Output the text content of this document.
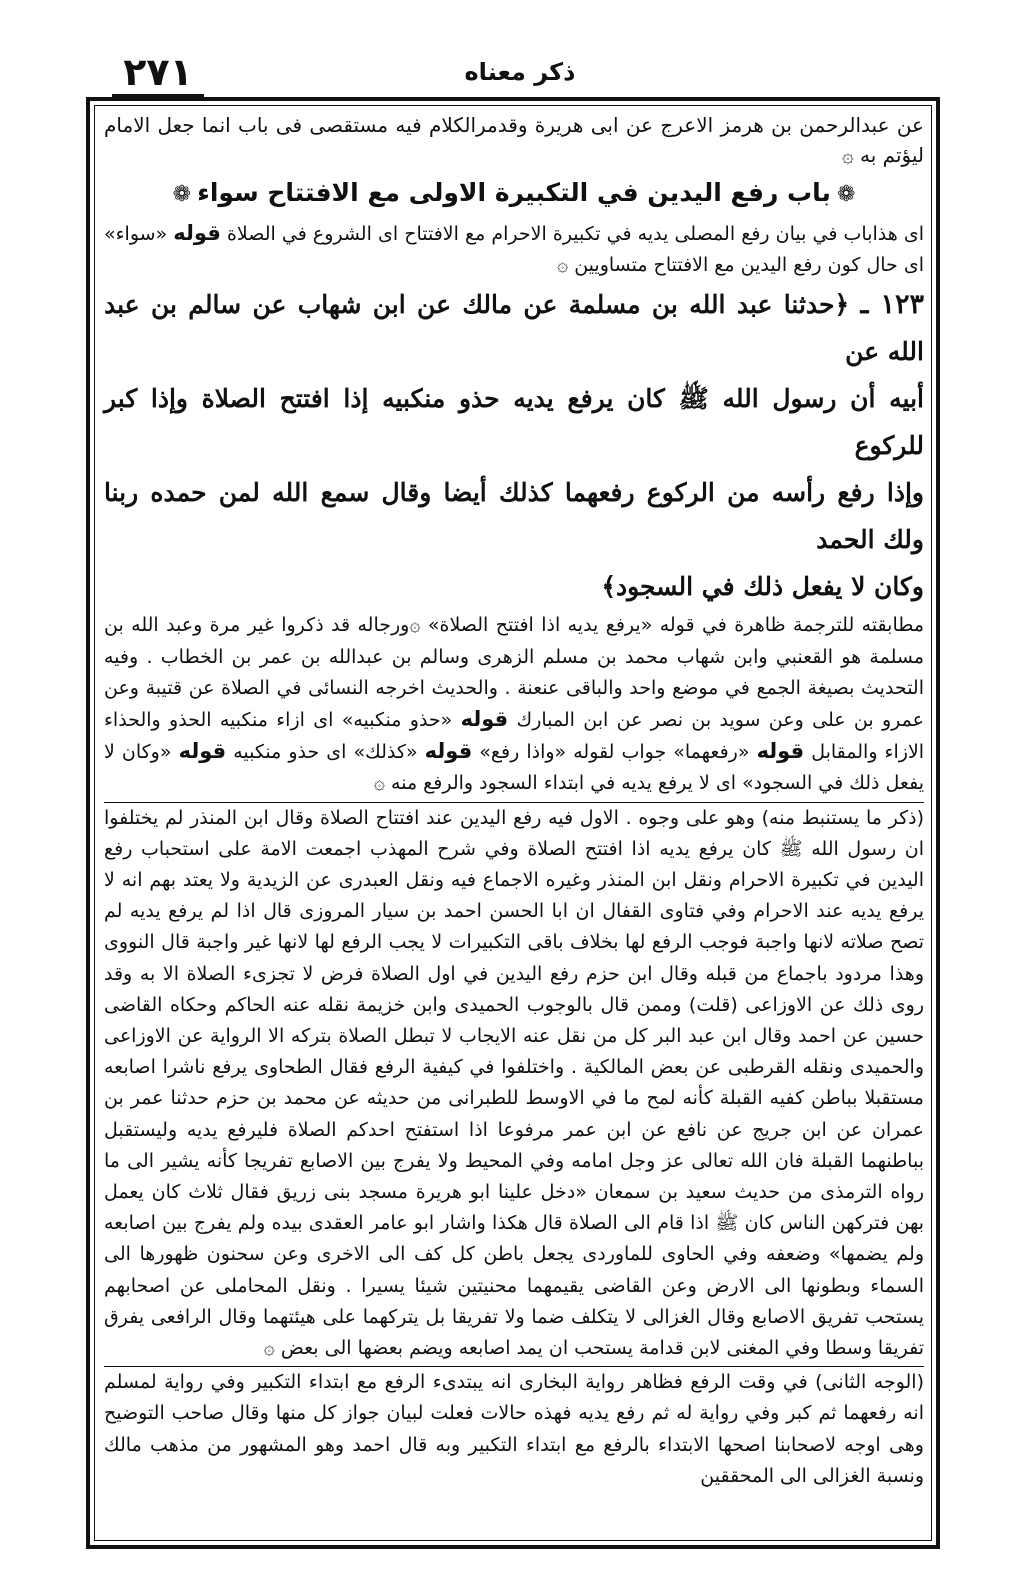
٢٧١	ذكر معناه

عن عبدالرحمن بن هرمز الاعرج عن ابى هريرة وقدمرالكلام فيه مستقصى فى باب انما جعل الامام ليؤتم به ۞

❁باب رفع اليدين في التكبيرة الاولى مع الافتتاح سواء❁

اى هذاباب في بيان رفع المصلى يديه في تكبيرة الاحرام مع الافتتاح اى الشروع في الصلاة قوله «سواء» اى حال كون رفع اليدين مع الافتتاح متساويين ۞

١٢٣ ـ ﴿حدثنا عبد الله بن مسلمة عن مالك عن ابن شهاب عن سالم بن عبد الله عن

أبيه أن رسول الله ﷺ كان يرفع يديه حذو منكبيه إذا افتتح الصلاة وإذا كبر للركوع

وإذا رفع رأسه من الركوع رفعهما كذلك أيضا وقال سمع الله لمن حمده ربنا ولك الحمد

وكان لا يفعل ذلك في السجود﴾

مطابقته للترجمة ظاهرة في قوله «يرفع يديه اذا افتتح الصلاة» ۞ورجاله قد ذكروا غير مرة وعبد الله بن مسلمة هو القعنبي وابن شهاب محمد بن مسلم الزهرى وسالم بن عبدالله بن عمر بن الخطاب . وفيه التحديث بصيغة الجمع في موضع واحد والباقى عنعنة . والحديث اخرجه النسائى في الصلاة عن قتيبة وعن عمرو بن على وعن سويد بن نصر عن ابن المبارك قوله «حذو منكبيه» اى ازاء منكبيه الحذو والحذاء الازاء والمقابل قوله «رفعهما» جواب لقوله «واذا رفع» قوله «كذلك» اى حذو منكبيه قوله «وكان لا يفعل ذلك في السجود» اى لا يرفع يديه في ابتداء السجود والرفع منه ۞

(ذكر ما يستنبط منه) وهو على وجوه . الاول فيه رفع اليدين عند افتتاح الصلاة وقال ابن المنذر لم يختلفوا ان رسول الله ﷺ كان يرفع يديه اذا افتتح الصلاة وفي شرح المهذب اجمعت الامة على استحباب رفع اليدين في تكبيرة الاحرام ونقل ابن المنذر وغيره الاجماع فيه ونقل العبدرى عن الزيدية ولا يعتد بهم انه لا يرفع يديه عند الاحرام وفي فتاوى القفال ان ابا الحسن احمد بن سيار المروزى قال اذا لم يرفع يديه لم تصح صلاته لانها واجبة فوجب الرفع لها بخلاف باقى التكبيرات لا يجب الرفع لها لانها غير واجبة قال النووى وهذا مردود باجماع من قبله وقال ابن حزم رفع اليدين في اول الصلاة فرض لا تجزىء الصلاة الا به وقد روى ذلك عن الاوزاعى (قلت) وممن قال بالوجوب الحميدى وابن خزيمة نقله عنه الحاكم وحكاه القاضى حسين عن احمد وقال ابن عبد البر كل من نقل عنه الايجاب لا تبطل الصلاة بتركه الا الرواية عن الاوزاعى والحميدى ونقله القرطبى عن بعض المالكية . واختلفوا في كيفية الرفع فقال الطحاوى يرفع ناشرا اصابعه مستقبلا بباطن كفيه القبلة كأنه لمح ما في الاوسط للطبرانى من حديثه عن محمد بن حزم حدثنا عمر بن عمران عن ابن جريج عن نافع عن ابن عمر مرفوعا اذا استفتح احدكم الصلاة فليرفع يديه وليستقبل بباطنهما القبلة فان الله تعالى عز وجل امامه وفي المحيط ولا يفرج بين الاصابع تفريجا كأنه يشير الى ما رواه الترمذى من حديث سعيد بن سمعان «دخل علينا ابو هريرة مسجد بنى زريق فقال ثلاث كان يعمل بهن فتركهن الناس كان ﷺ اذا قام الى الصلاة قال هكذا واشار ابو عامر العقدى بيده ولم يفرج بين اصابعه ولم يضمها» وضعفه وفي الحاوى للماوردى يجعل باطن كل كف الى الاخرى وعن سحنون ظهورها الى السماء وبطونها الى الارض وعن القاضى يقيمهما محنيتين شيئا يسيرا . ونقل المحاملى عن اصحابهم يستحب تفريق الاصابع وقال الغزالى لا يتكلف ضما ولا تفريقا بل يتركهما على هيئتهما وقال الرافعى يفرق تفريقا وسطا وفي المغنى لابن قدامة يستحب ان يمد اصابعه ويضم بعضها الى بعض ۞

(الوجه الثانى) في وقت الرفع فظاهر رواية البخارى انه يبتدىء الرفع مع ابتداء التكبير وفي رواية لمسلم انه رفعهما ثم كبر وفي رواية له ثم رفع يديه فهذه حالات فعلت لبيان جواز كل منها وقال صاحب التوضيح وهى اوجه لاصحابنا اصحها الابتداء بالرفع مع ابتداء التكبير وبه قال احمد وهو المشهور من مذهب مالك ونسبة الغزالى الى المحققين
